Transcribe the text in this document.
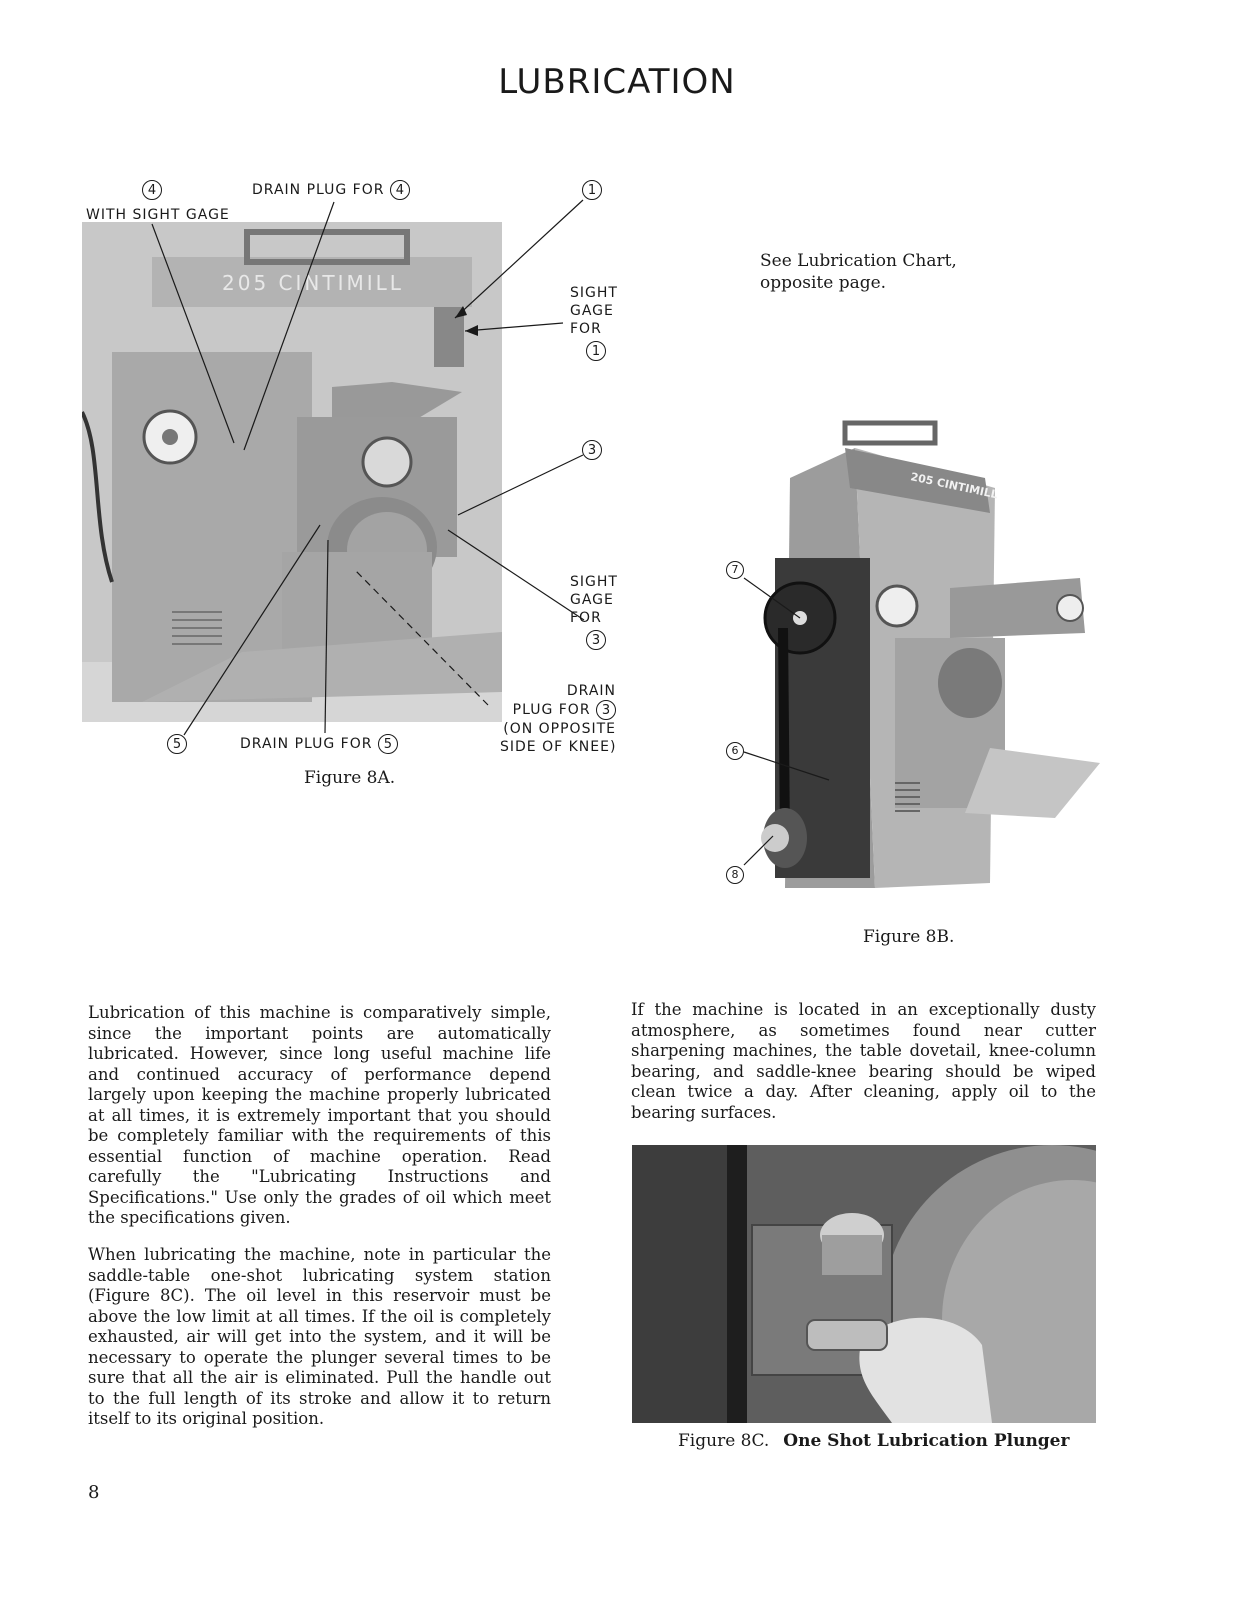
LUBRICATION
205 CINTIMILL
4
WITH SIGHT GAGE
DRAIN PLUG FOR 4	1
SIGHT
GAGE
FOR
1
3
SIGHT
GAGE
FOR
3
DRAIN
PLUG FOR 3
(ON OPPOSITE
SIDE OF KNEE)
5	DRAIN PLUG FOR 5
Figure 8A.
See Lubrication Chart,
opposite page.
205 CINTIMILL
7
6
8
Figure 8B.

Lubrication of this machine is comparatively simple, since the important points are automatically lubricated. However, since long useful machine life and continued accuracy of performance depend largely upon keeping the machine properly lubricated at all times, it is extremely important that you should be completely familiar with the requirements of this essential function of machine operation. Read carefully the "Lubricating Instructions and Specifications." Use only the grades of oil which meet the specifications given.

When lubricating the machine, note in particular the saddle-table one-shot lubricating system station (Figure 8C). The oil level in this reservoir must be above the low limit at all times. If the oil is completely exhausted, air will get into the system, and it will be necessary to operate the plunger several times to be sure that all the air is eliminated. Pull the handle out to the full length of its stroke and allow it to return itself to its original position.

If the machine is located in an exceptionally dusty atmosphere, as sometimes found near cutter sharpening machines, the table dovetail, knee-column bearing, and saddle-knee bearing should be wiped clean twice a day. After cleaning, apply oil to the bearing surfaces.

Figure 8C. One Shot Lubrication Plunger
8
